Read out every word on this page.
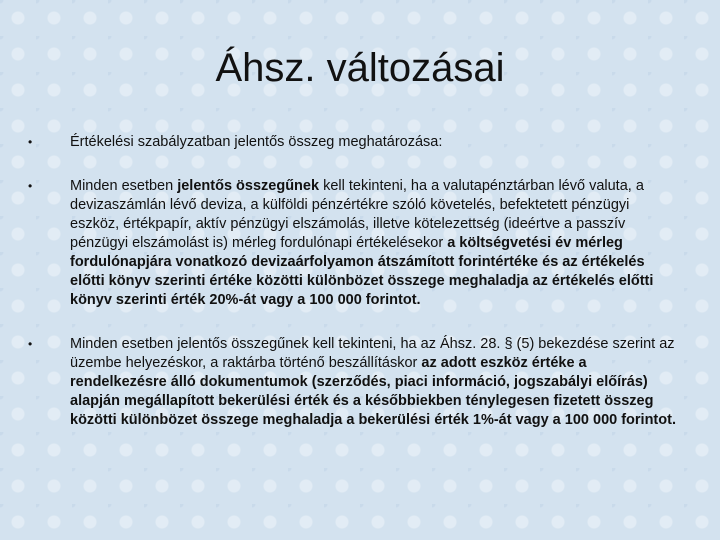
Áhsz. változásai
•	Értékelési szabályzatban jelentős összeg meghatározása:
•	Minden esetben jelentős összegűnek kell tekinteni, ha a valutapénztárban lévő valuta, a devizaszámlán lévő deviza, a külföldi pénzértékre szóló követelés, befektetett pénzügyi eszköz, értékpapír, aktív pénzügyi elszámolás, illetve kötelezettség (ideértve a passzív pénzügyi elszámolást is) mérleg fordulónapi értékelésekor a költségvetési év mérleg fordulónapjára vonatkozó devizaárfolyamon átszámított forintértéke és az értékelés előtti könyv szerinti értéke közötti különbözet összege meghaladja az értékelés előtti könyv szerinti érték 20%-át vagy a 100 000 forintot.
•	Minden esetben jelentős összegűnek kell tekinteni, ha az Áhsz. 28. § (5) bekezdése szerint az üzembe helyezéskor, a raktárba történő beszállításkor az adott eszköz értéke a rendelkezésre álló dokumentumok (szerződés, piaci információ, jogszabályi előírás) alapján megállapított bekerülési érték és a későbbiekben ténylegesen fizetett összeg közötti különbözet összege meghaladja a bekerülési érték 1%-át vagy a 100 000 forintot.
